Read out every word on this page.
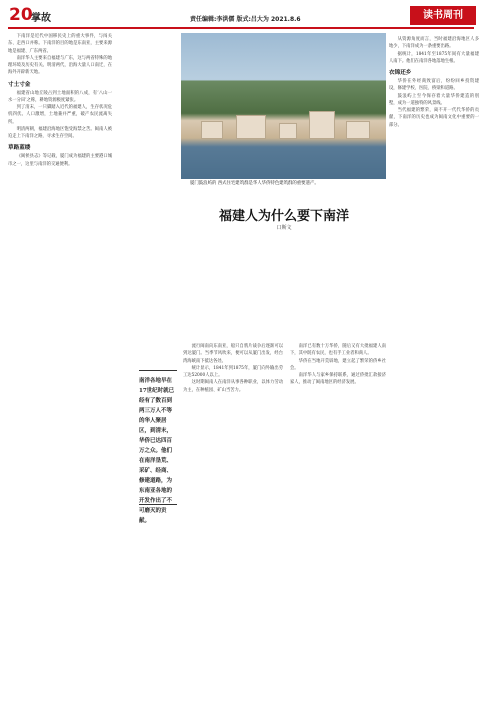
20
掌故	责任编辑:李洪儒 版式:吕大为 2021.8.6	读书周刊

下南洋是近代中国移民史上的重大事件，与闯关东、走西口并称。下南洋的目的地是东南亚，主要来源地是福建、广东两省。

南洋华人主要来自福建与广东，这与两省特殊的地理环境及历史有关。明清两代，沿海大量人口南迁，在海外开辟新天地。

寸土寸金

福建省山地丘陵占到土地面积的八成，有‘八山一水一分田’之称，耕地资源极度紧张。

到了清末，一只脚踏入近代的福建人，生存状况危机四伏。人口激增，土地兼并严重，破产农民流离失所。

明清两朝，福建沿海地区饱受海禁之苦。闽南人被迫走上下南洋之路，寻求生存空间。

草路蓝缕

《闽侯县志》等记载，厦门成为福建的主要港口城市之一，这里与南洋的交通便利。

厦门鼓浪屿的 西式住宅建筑群是华人华侨特色建筑群的重要遗产。
福建人为什么要下南洋
口斯文
南洋各地早在17世纪时就已经有了数百到两三万人不等的华人聚居区，到清末，华侨已达四百万之众。他们在南洋垦荒、采矿、经商、修建道路，为东南亚各地的开发作出了不可磨灭的贡献。

流行闽南向东南亚，船只自鸦片战争后逐渐可以到达厦门。当季节风吹来，便可以从厦门出发，经台湾海峡南下抵达各处。

统计显示，1841年到1875年，厦门向外输出劳工达52000人以上。

这时期闽南人在南洋从事各种职业，以体力劳动为主，在种植园、矿山当苦力。

南洋已有数十万华侨，随后又有大批福建人南下，其中既有农民，也有手工业者和商人。

华侨在当地开荒辟地，建立起了繁荣的侨乡社会。

南洋华人与家乡保持联系，通过侨批汇款接济家人，推动了闽南地区的经济发展。

从资源角度而言，当时福建沿海地区人多地少，下南洋成为一条重要出路。

据统计，1841年至1875年间有大量福建人南下。他们在南洋各地落地生根。

衣锦还乡

华侨在外经商致富后，纷纷回乡投资建设，修建学校、医院、桥梁和道路。

鼓浪屿上至今保存着大量华侨建造的别墅，成为一道独特的风景线。

当代福建的繁荣，离不开一代代华侨的贡献，下南洋的历史也成为闽南文化中重要的一部分。
